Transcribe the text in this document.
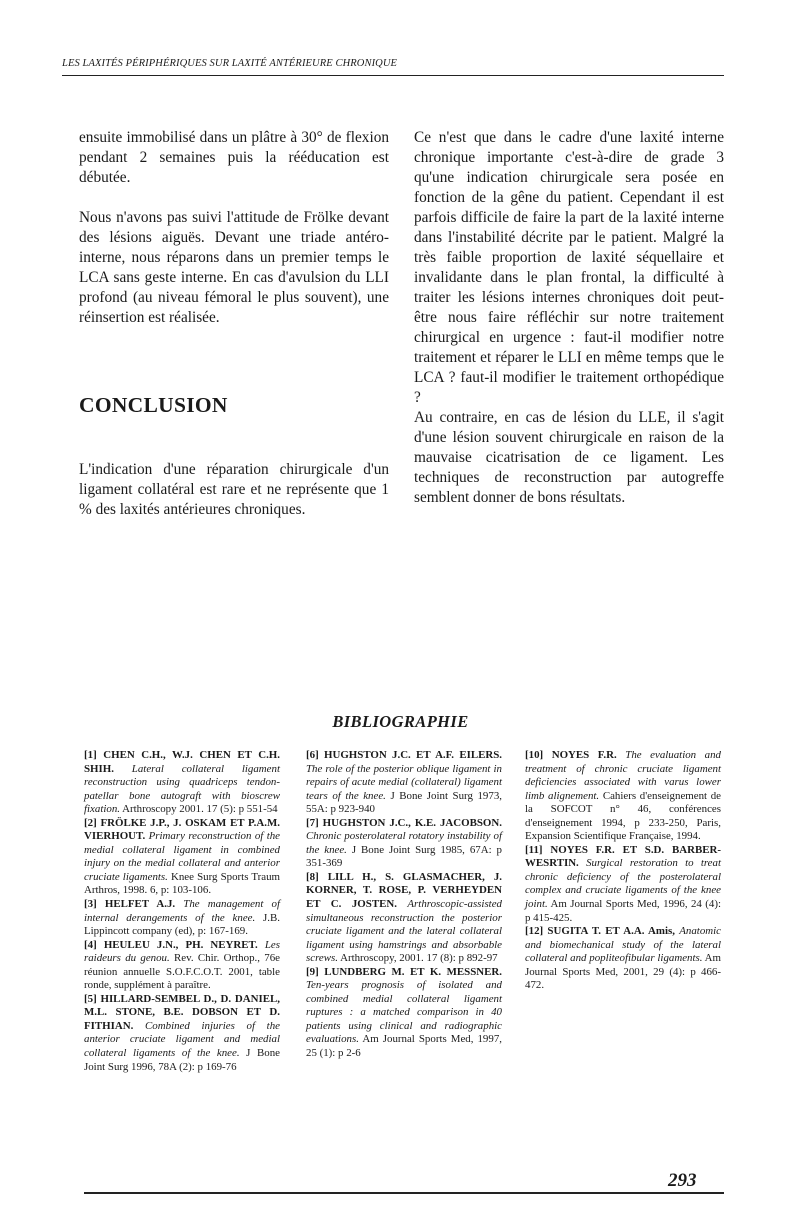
LES LAXITÉS PÉRIPHÉRIQUES SUR LAXITÉ ANTÉRIEURE CHRONIQUE

ensuite immobilisé dans un plâtre à 30° de flexion pendant 2 semaines puis la rééducation est débutée.

Nous n'avons pas suivi l'attitude de Frölke devant des lésions aiguës. Devant une triade antéro-interne, nous réparons dans un premier temps le LCA sans geste interne. En cas d'avulsion du LLI profond (au niveau fémoral le plus souvent), une réinsertion est réalisée.

CONCLUSION

L'indication d'une réparation chirurgicale d'un ligament collatéral est rare et ne représente que 1 % des laxités antérieures chroniques.

Ce n'est que dans le cadre d'une laxité interne chronique importante c'est-à-dire de grade 3 qu'une indication chirurgicale sera posée en fonction de la gêne du patient. Cependant il est parfois difficile de faire la part de la laxité interne dans l'instabilité décrite par le patient. Malgré la très faible proportion de laxité séquellaire et invalidante dans le plan frontal, la difficulté à traiter les lésions internes chroniques doit peut-être nous faire réfléchir sur notre traitement chirurgical en urgence : faut-il modifier notre traitement et réparer le LLI en même temps que le LCA ? faut-il modifier le traitement orthopédique ?

Au contraire, en cas de lésion du LLE, il s'agit d'une lésion souvent chirurgicale en raison de la mauvaise cicatrisation de ce ligament. Les techniques de reconstruction par autogreffe semblent donner de bons résultats.

BIBLIOGRAPHIE

[1] CHEN C.H., W.J. CHEN ET C.H. SHIH. Lateral collateral ligament reconstruction using quadriceps tendon-patellar bone autograft with bioscrew fixation. Arthroscopy 2001. 17 (5): p 551-54

[2] FRÖLKE J.P., J. OSKAM ET P.A.M. VIERHOUT. Primary reconstruction of the medial collateral ligament in combined injury on the medial collateral and anterior cruciate ligaments. Knee Surg Sports Traum Arthros, 1998. 6, p: 103-106.

[3] HELFET A.J. The management of internal derangements of the knee. J.B. Lippincott company (ed), p: 167-169.

[4] HEULEU J.N., PH. NEYRET. Les raideurs du genou. Rev. Chir. Orthop., 76e réunion annuelle S.O.F.C.O.T. 2001, table ronde, supplément à paraître.

[5] HILLARD-SEMBEL D., D. DANIEL, M.L. STONE, B.E. DOBSON ET D. FITHIAN. Combined injuries of the anterior cruciate ligament and medial collateral ligaments of the knee. J Bone Joint Surg 1996, 78A (2): p 169-76

[6] HUGHSTON J.C. ET A.F. EILERS. The role of the posterior oblique ligament in repairs of acute medial (collateral) ligament tears of the knee. J Bone Joint Surg 1973, 55A: p 923-940

[7] HUGHSTON J.C., K.E. JACOBSON. Chronic posterolateral rotatory instability of the knee. J Bone Joint Surg 1985, 67A: p 351-369

[8] LILL H., S. GLASMACHER, J. KORNER, T. ROSE, P. VERHEYDEN ET C. JOSTEN. Arthroscopic-assisted simultaneous reconstruction the posterior cruciate ligament and the lateral collateral ligament using hamstrings and absorbable screws. Arthroscopy, 2001. 17 (8): p 892-97

[9] LUNDBERG M. ET K. MESSNER. Ten-years prognosis of isolated and combined medial collateral ligament ruptures : a matched comparison in 40 patients using clinical and radiographic evaluations. Am Journal Sports Med, 1997, 25 (1): p 2-6

[10] NOYES F.R. The evaluation and treatment of chronic cruciate ligament deficiencies associated with varus lower limb alignement. Cahiers d'enseignement de la SOFCOT n° 46, conférences d'enseignement 1994, p 233-250, Paris, Expansion Scientifique Française, 1994.

[11] NOYES F.R. ET S.D. BARBER-WESRTIN. Surgical restoration to treat chronic deficiency of the posterolateral complex and cruciate ligaments of the knee joint. Am Journal Sports Med, 1996, 24 (4): p 415-425.

[12] SUGITA T. ET A.A. Amis, Anatomic and biomechanical study of the lateral collateral and popliteofibular ligaments. Am Journal Sports Med, 2001, 29 (4): p 466-472.

293
